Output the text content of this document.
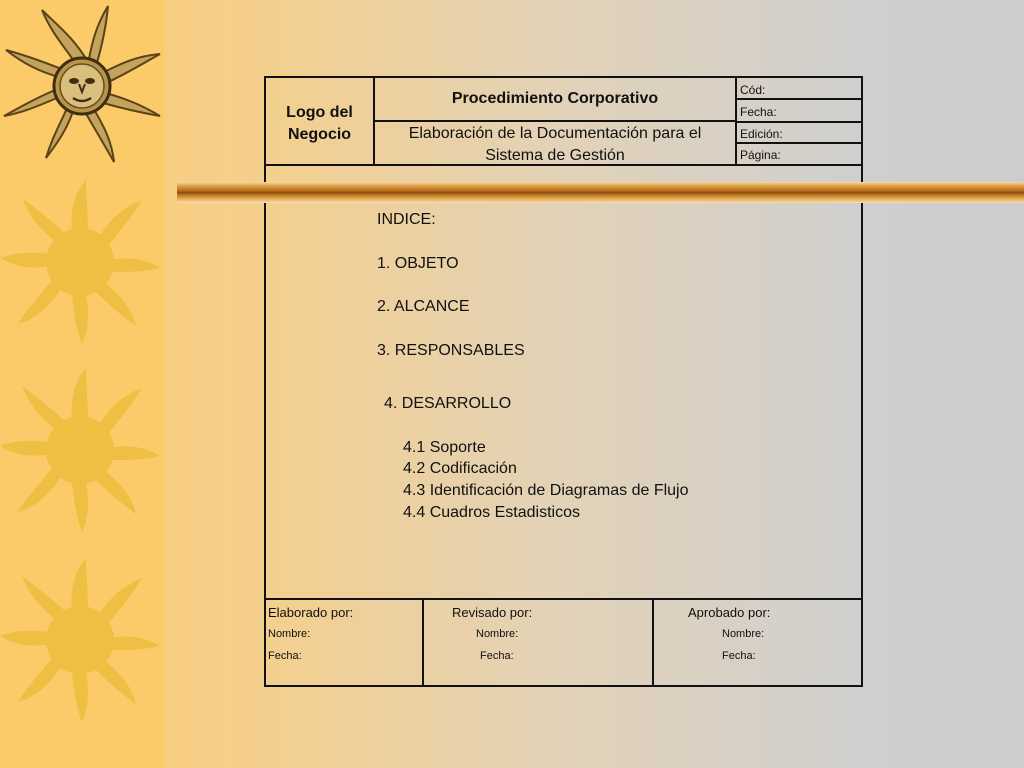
Logo del
Negocio
Procedimiento Corporativo
Elaboración de la Documentación para el
Sistema de Gestión
Cód:
Fecha:
Edición:
Página:
INDICE:
1. OBJETO
2. ALCANCE
3. RESPONSABLES
4. DESARROLLO
4.1 Soporte
4.2 Codificación
4.3 Identificación de Diagramas de Flujo
4.4 Cuadros Estadisticos
Elaborado por:
Nombre:
Fecha:
Revisado por:
Nombre:
Fecha:
Aprobado por:
Nombre:
Fecha:
